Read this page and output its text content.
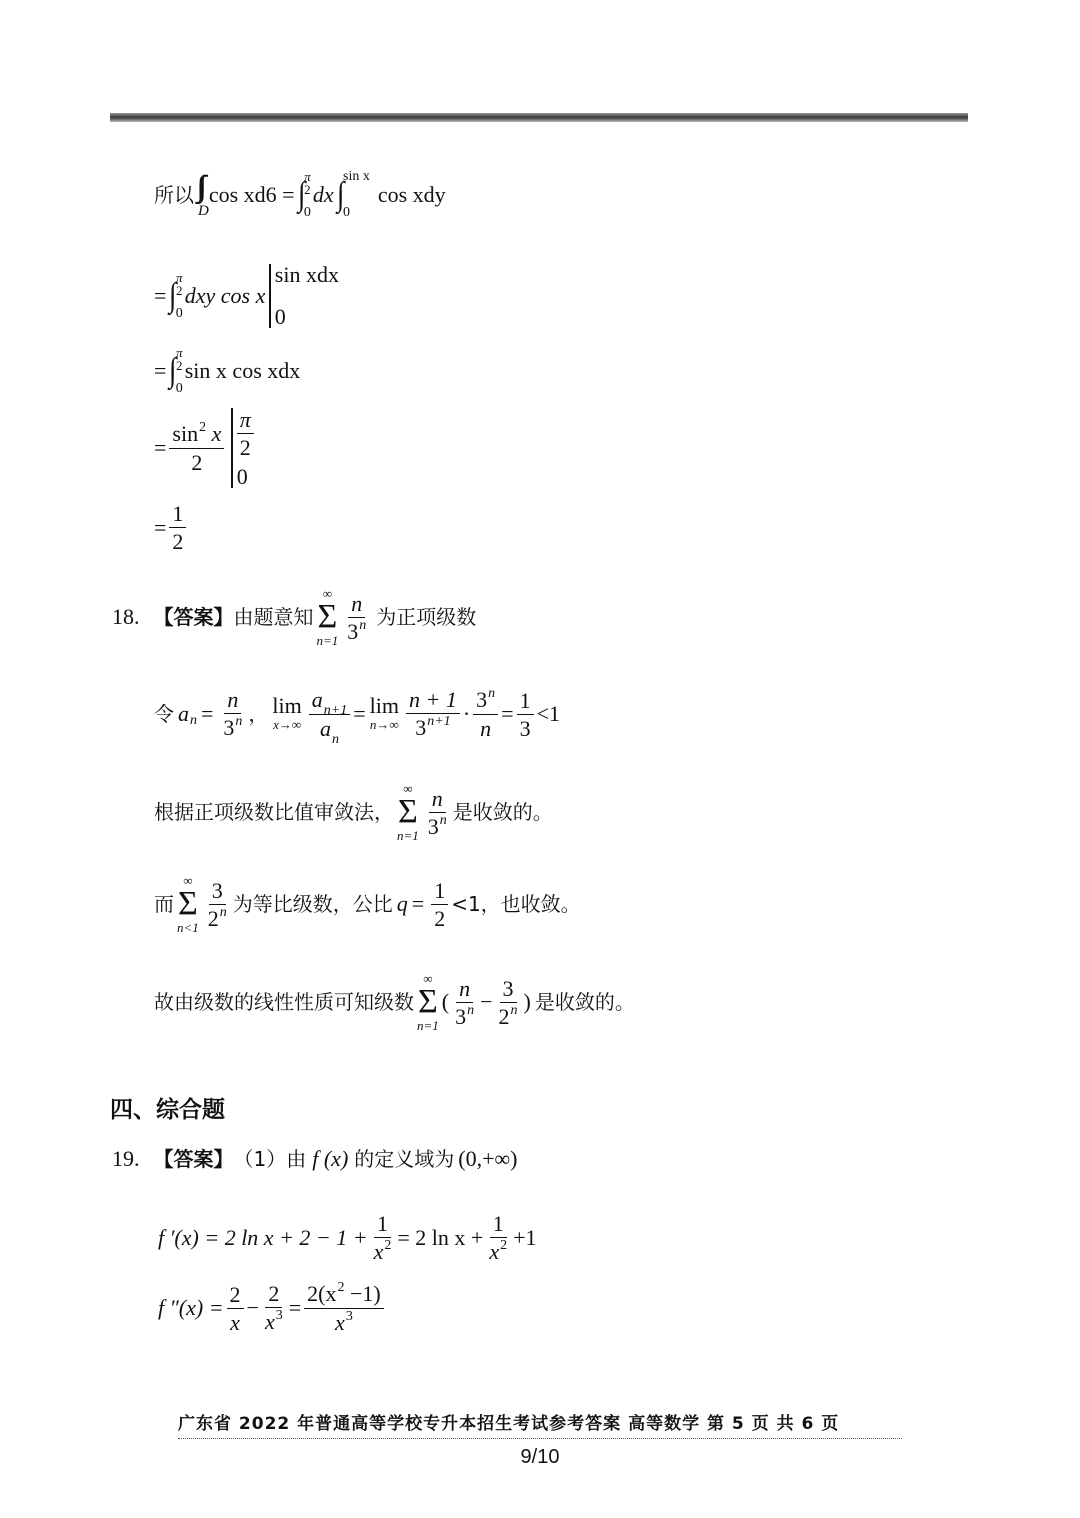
所以
D
cos xd6 = ∫ π
2
0
dx ∫
sin x
0
cos xdy
= ∫ π
2
0
dxy cos x
sin xdx
0
= ∫ π
2
0
sin x cos xdx
= $\frac{\sin^2 x}{2} \frac{\pi}{2}$
0
= $\frac{1}{2}$
18. 【答案】 由题意知
∞
Σ
$n=1 \frac{n}{3^n}$ 为正项级数
令 a $n = \frac{n}{3^n}$ ， lim
$x\to\infty \frac{a_{n+1}}{a_n} = \lim$
$n\to\infty \frac{n + 1}{3^{n+1}} \cdot \frac{3^n}{n} = \frac{1}{3} <1$
根据正项级数比值审敛法，
∞
Σ
$n=1 \frac{n}{3^n}$ 是收敛的。
而
∞
Σ
$n<1 \frac{3}{2^n}$ 为等比级数，公比 $q = \frac{1}{2} <1$，也收敛。
故由级数的线性性质可知级数
∞
Σ
n=1
( $\frac{n}{3^n} - \frac{3}{2^n}$ ) 是收敛的。
四、综合题
19. 【答案】 （1）由 f (x) 的定义域为 (0,+∞)
f ′(x) = 2 $\ln x + 2 - 1 + \frac{1}{x^2} = 2$ $\ln x + \frac{1}{x^2} +1$
f $''(x) = \frac{2}{x} - \frac{2}{x^3} = \frac{2(x^2 -1)}{x^3}$
广东省 2022 年普通高等学校专升本招生考试参考答案 高等数学 第 5 页 共 6 页
9/10
